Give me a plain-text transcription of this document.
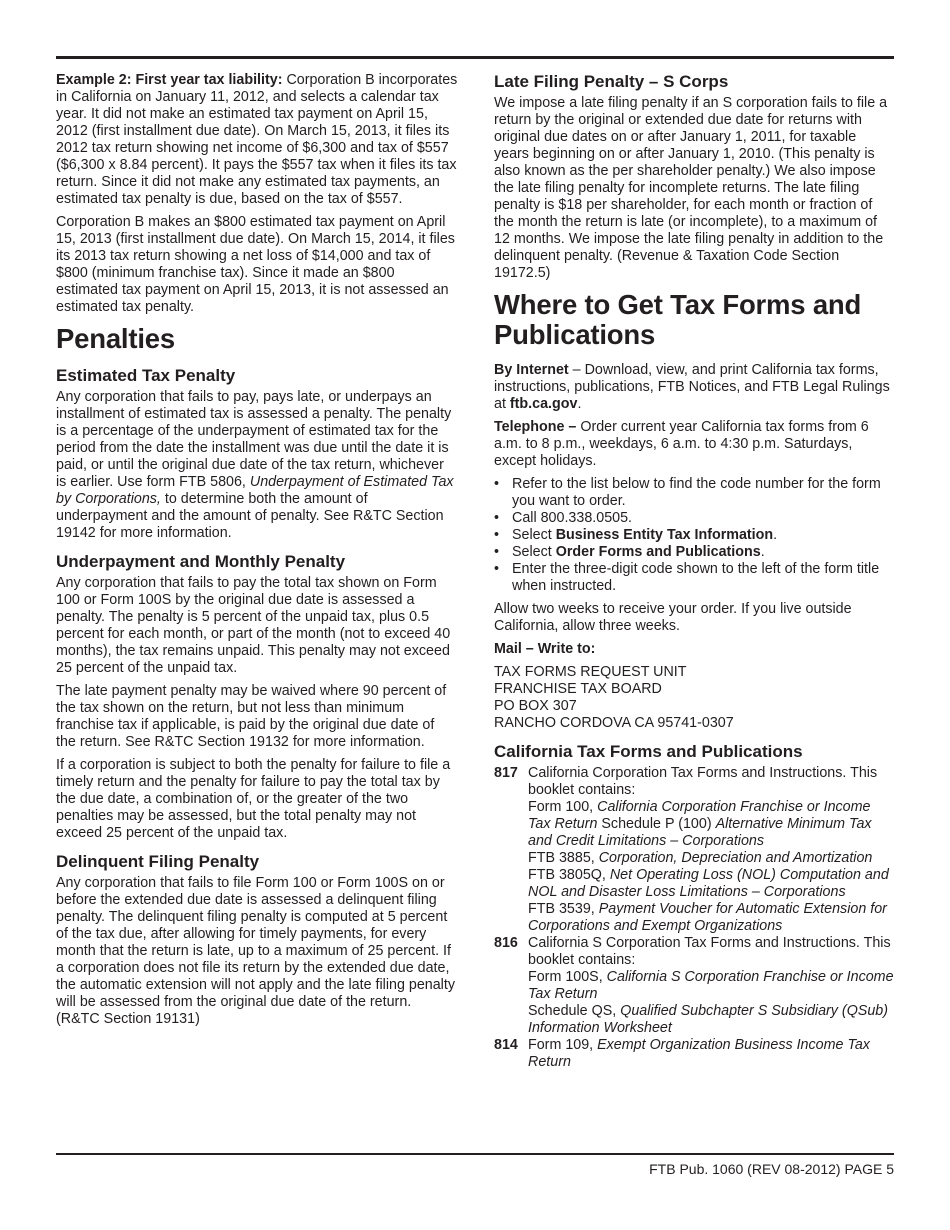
Example 2: First year tax liability: Corporation B incorporates in California on January 11, 2012, and selects a calendar tax year. It did not make an estimated tax payment on April 15, 2012 (first installment due date). On March 15, 2013, it files its 2012 tax return showing net income of $6,300 and tax of $557 ($6,300 x 8.84 percent). It pays the $557 tax when it files its tax return. Since it did not make any estimated tax payments, an estimated tax penalty is due, based on the tax of $557.

Corporation B makes an $800 estimated tax payment on April 15, 2013 (first installment due date). On March 15, 2014, it files its 2013 tax return showing a net loss of $14,000 and tax of $800 (minimum franchise tax). Since it made an $800 estimated tax payment on April 15, 2013, it is not assessed an estimated tax penalty.

Penalties
Estimated Tax Penalty

Any corporation that fails to pay, pays late, or underpays an installment of estimated tax is assessed a penalty. The penalty is a percentage of the underpayment of estimated tax for the period from the date the installment was due until the date it is paid, or until the original due date of the tax return, whichever is earlier. Use form FTB 5806, Underpayment of Estimated Tax by Corporations, to determine both the amount of underpayment and the amount of penalty. See R&TC Section 19142 for more information.

Underpayment and Monthly Penalty

Any corporation that fails to pay the total tax shown on Form 100 or Form 100S by the original due date is assessed a penalty. The penalty is 5 percent of the unpaid tax, plus 0.5 percent for each month, or part of the month (not to exceed 40 months), the tax remains unpaid. This penalty may not exceed 25 percent of the unpaid tax.

The late payment penalty may be waived where 90 percent of the tax shown on the return, but not less than minimum franchise tax if applicable, is paid by the original due date of the return. See R&TC Section 19132 for more information.

If a corporation is subject to both the penalty for failure to file a timely return and the penalty for failure to pay the total tax by the due date, a combination of, or the greater of the two penalties may be assessed, but the total penalty may not exceed 25 percent of the unpaid tax.

Delinquent Filing Penalty

Any corporation that fails to file Form 100 or Form 100S on or before the extended due date is assessed a delinquent filing penalty. The delinquent filing penalty is computed at 5 percent of the tax due, after allowing for timely payments, for every month that the return is late, up to a maximum of 25 percent. If a corporation does not file its return by the extended due date, the automatic extension will not apply and the late filing penalty will be assessed from the original due date of the return. (R&TC Section 19131)

Late Filing Penalty – S Corps

We impose a late filing penalty if an S corporation fails to file a return by the original or extended due date for returns with original due dates on or after January 1, 2011, for taxable years beginning on or after January 1, 2010. (This penalty is also known as the per shareholder penalty.) We also impose the late filing penalty for incomplete returns. The late filing penalty is $18 per shareholder, for each month or fraction of the month the return is late (or incomplete), to a maximum of 12 months. We impose the late filing penalty in addition to the delinquent penalty. (Revenue & Taxation Code Section 19172.5)

Where to Get Tax Forms and Publications

By Internet – Download, view, and print California tax forms, instructions, publications, FTB Notices, and FTB Legal Rulings at ftb.ca.gov.

Telephone – Order current year California tax forms from 6 a.m. to 8 p.m., weekdays, 6 a.m. to 4:30 p.m. Saturdays, except holidays.

• Refer to the list below to find the code number for the form you want to order.
• Call 800.338.0505.
• Select Business Entity Tax Information.
• Select Order Forms and Publications.
• Enter the three-digit code shown to the left of the form title when instructed.

Allow two weeks to receive your order. If you live outside California, allow three weeks.

Mail – Write to:

TAX FORMS REQUEST UNIT
FRANCHISE TAX BOARD
PO BOX 307
RANCHO CORDOVA CA 95741-0307
California Tax Forms and Publications
817 California Corporation Tax Forms and Instructions. This booklet contains:
Form 100, California Corporation Franchise or Income Tax Return Schedule P (100) Alternative Minimum Tax and Credit Limitations – Corporations
FTB 3885, Corporation, Depreciation and Amortization
FTB 3805Q, Net Operating Loss (NOL) Computation and NOL and Disaster Loss Limitations – Corporations
FTB 3539, Payment Voucher for Automatic Extension for Corporations and Exempt Organizations
816 California S Corporation Tax Forms and Instructions. This booklet contains:
Form 100S, California S Corporation Franchise or Income Tax Return
Schedule QS, Qualified Subchapter S Subsidiary (QSub) Information Worksheet
814 Form 109, Exempt Organization Business Income Tax Return
FTB Pub. 1060 (REV 08-2012) PAGE 5
